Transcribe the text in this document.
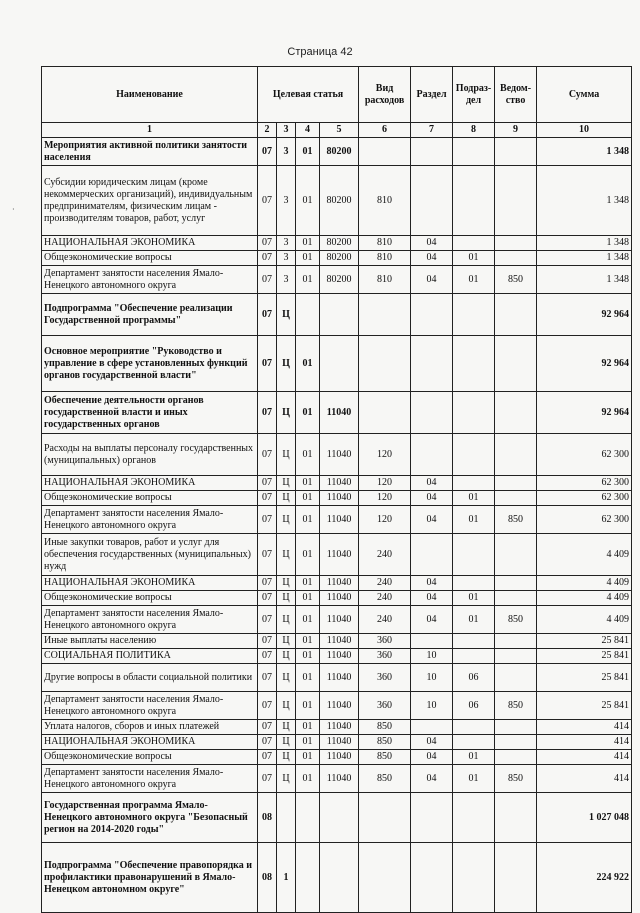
Страница 42
·
Наименование	Целевая статья				Вид расходов	Раздел	Подраз-дел	Ведом-ство	Сумма
1	2	3	4	5	6	7	8	9	10
Мероприятия активной политики занятости населения	07	3	01	80200					1 348
Субсидии юридическим лицам (кроме некоммерческих организаций), индивидуальным предпринимателям, физическим лицам - производителям товаров, работ, услуг	07	3	01	80200	810				1 348
НАЦИОНАЛЬНАЯ ЭКОНОМИКА	07	3	01	80200	810	04			1 348
Общеэкономические вопросы	07	3	01	80200	810	04	01		1 348
Департамент занятости населения Ямало-Ненецкого автономного округа	07	3	01	80200	810	04	01	850	1 348
Подпрограмма "Обеспечение реализации Государственной программы"	07	Ц							92 964
Основное мероприятие "Руководство и управление в сфере установленных функций органов государственной власти"	07	Ц	01						92 964
Обеспечение деятельности органов государственной власти и иных государственных органов	07	Ц	01	11040					92 964
Расходы на выплаты персоналу государственных (муниципальных) органов	07	Ц	01	11040	120				62 300
НАЦИОНАЛЬНАЯ ЭКОНОМИКА	07	Ц	01	11040	120	04			62 300
Общеэкономические вопросы	07	Ц	01	11040	120	04	01		62 300
Департамент занятости населения Ямало-Ненецкого автономного округа	07	Ц	01	11040	120	04	01	850	62 300
Иные закупки товаров, работ и услуг для обеспечения государственных (муниципальных) нужд	07	Ц	01	11040	240				4 409
НАЦИОНАЛЬНАЯ ЭКОНОМИКА	07	Ц	01	11040	240	04			4 409
Общеэкономические вопросы	07	Ц	01	11040	240	04	01		4 409
Департамент занятости населения Ямало-Ненецкого автономного округа	07	Ц	01	11040	240	04	01	850	4 409
Иные выплаты населению	07	Ц	01	11040	360				25 841
СОЦИАЛЬНАЯ ПОЛИТИКА	07	Ц	01	11040	360	10			25 841
Другие вопросы в области социальной политики	07	Ц	01	11040	360	10	06		25 841
Департамент занятости населения Ямало-Ненецкого автономного округа	07	Ц	01	11040	360	10	06	850	25 841
Уплата налогов, сборов и иных платежей	07	Ц	01	11040	850				414
НАЦИОНАЛЬНАЯ ЭКОНОМИКА	07	Ц	01	11040	850	04			414
Общеэкономические вопросы	07	Ц	01	11040	850	04	01		414
Департамент занятости населения Ямало-Ненецкого автономного округа	07	Ц	01	11040	850	04	01	850	414
Государственная программа Ямало-Ненецкого автономного округа "Безопасный регион на 2014-2020 годы"	08								1 027 048
Подпрограмма "Обеспечение правопорядка и профилактики правонарушений в Ямало-Ненецком автономном округе"	08	1							224 922
